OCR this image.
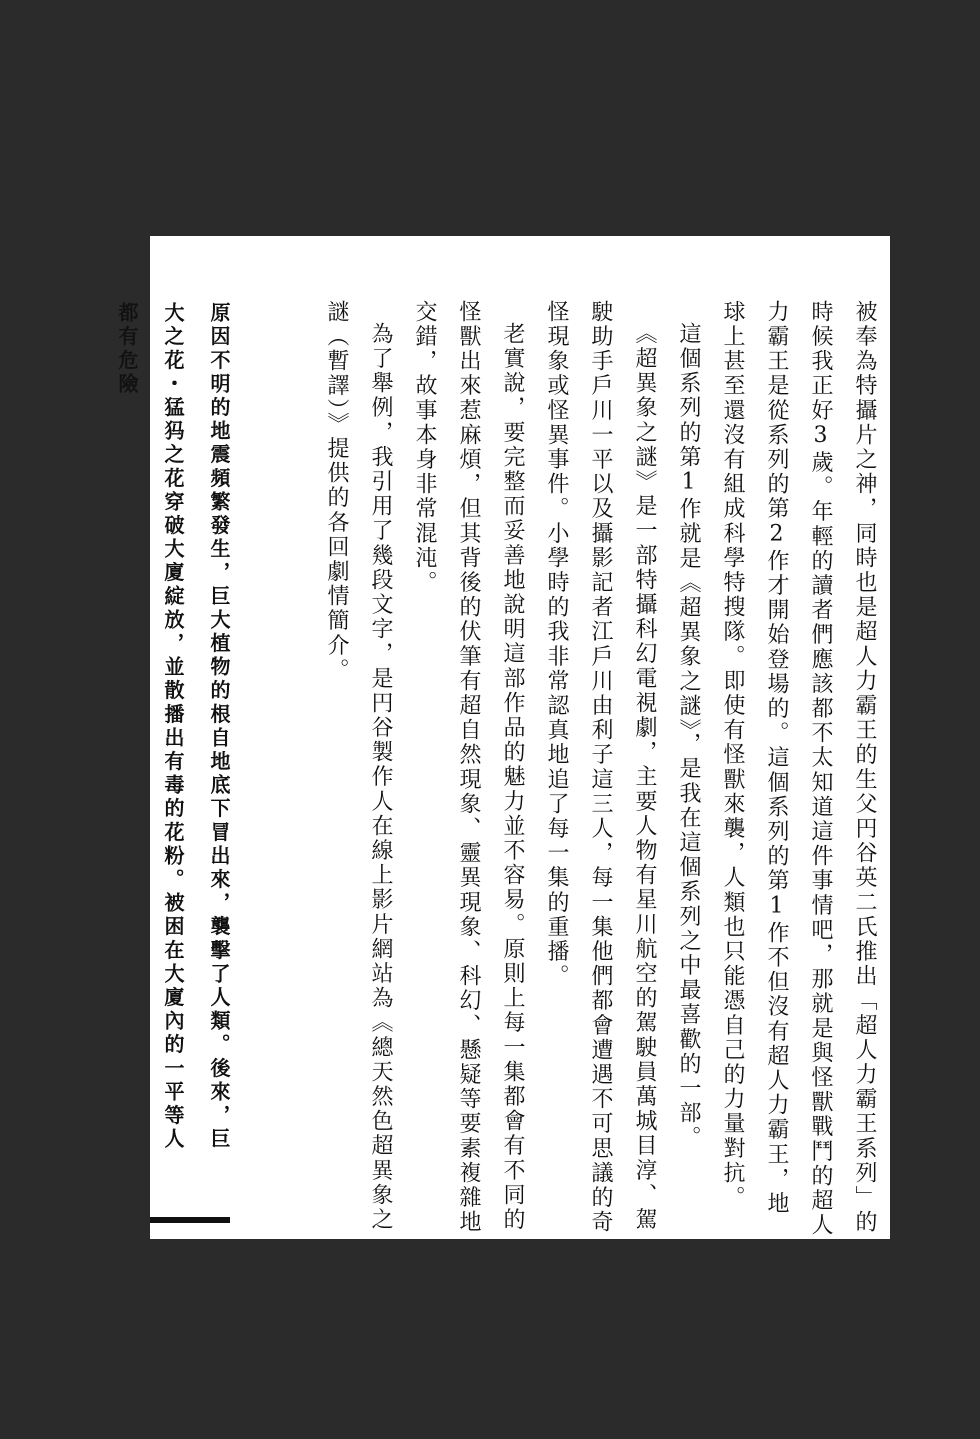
被奉為特攝片之神，同時也是超人力霸王的生父円谷英二氏推出「超人力霸王系列」的時候我正好3歲。年輕的讀者們應該都不太知道這件事情吧，那就是與怪獸戰鬥的超人力霸王是從系列的第2作才開始登場的。這個系列的第1作不但沒有超人力霸王，地球上甚至還沒有組成科學特搜隊。即使有怪獸來襲，人類也只能憑自己的力量對抗。

這個系列的第1作就是《超異象之謎》，是我在這個系列之中最喜歡的一部。

《超異象之謎》是一部特攝科幻電視劇，主要人物有星川航空的駕駛員萬城目淳、駕駛助手戶川一平以及攝影記者江戶川由利子這三人，每一集他們都會遭遇不可思議的奇怪現象或怪異事件。小學時的我非常認真地追了每一集的重播。

老實說，要完整而妥善地說明這部作品的魅力並不容易。原則上每一集都會有不同的怪獸出來惹麻煩，但其背後的伏筆有超自然現象、靈異現象、科幻、懸疑等要素複雜地交錯，故事本身非常混沌。

為了舉例，我引用了幾段文字，是円谷製作人在線上影片網站為《總天然色超異象之謎（暫譯）》提供的各回劇情簡介。

原因不明的地震頻繁發生，巨大植物的根自地底下冒出來，襲擊了人類。後來，巨大之花・猛犸之花穿破大廈綻放，並散播出有毒的花粉。被困在大廈內的一平等人都有危險
